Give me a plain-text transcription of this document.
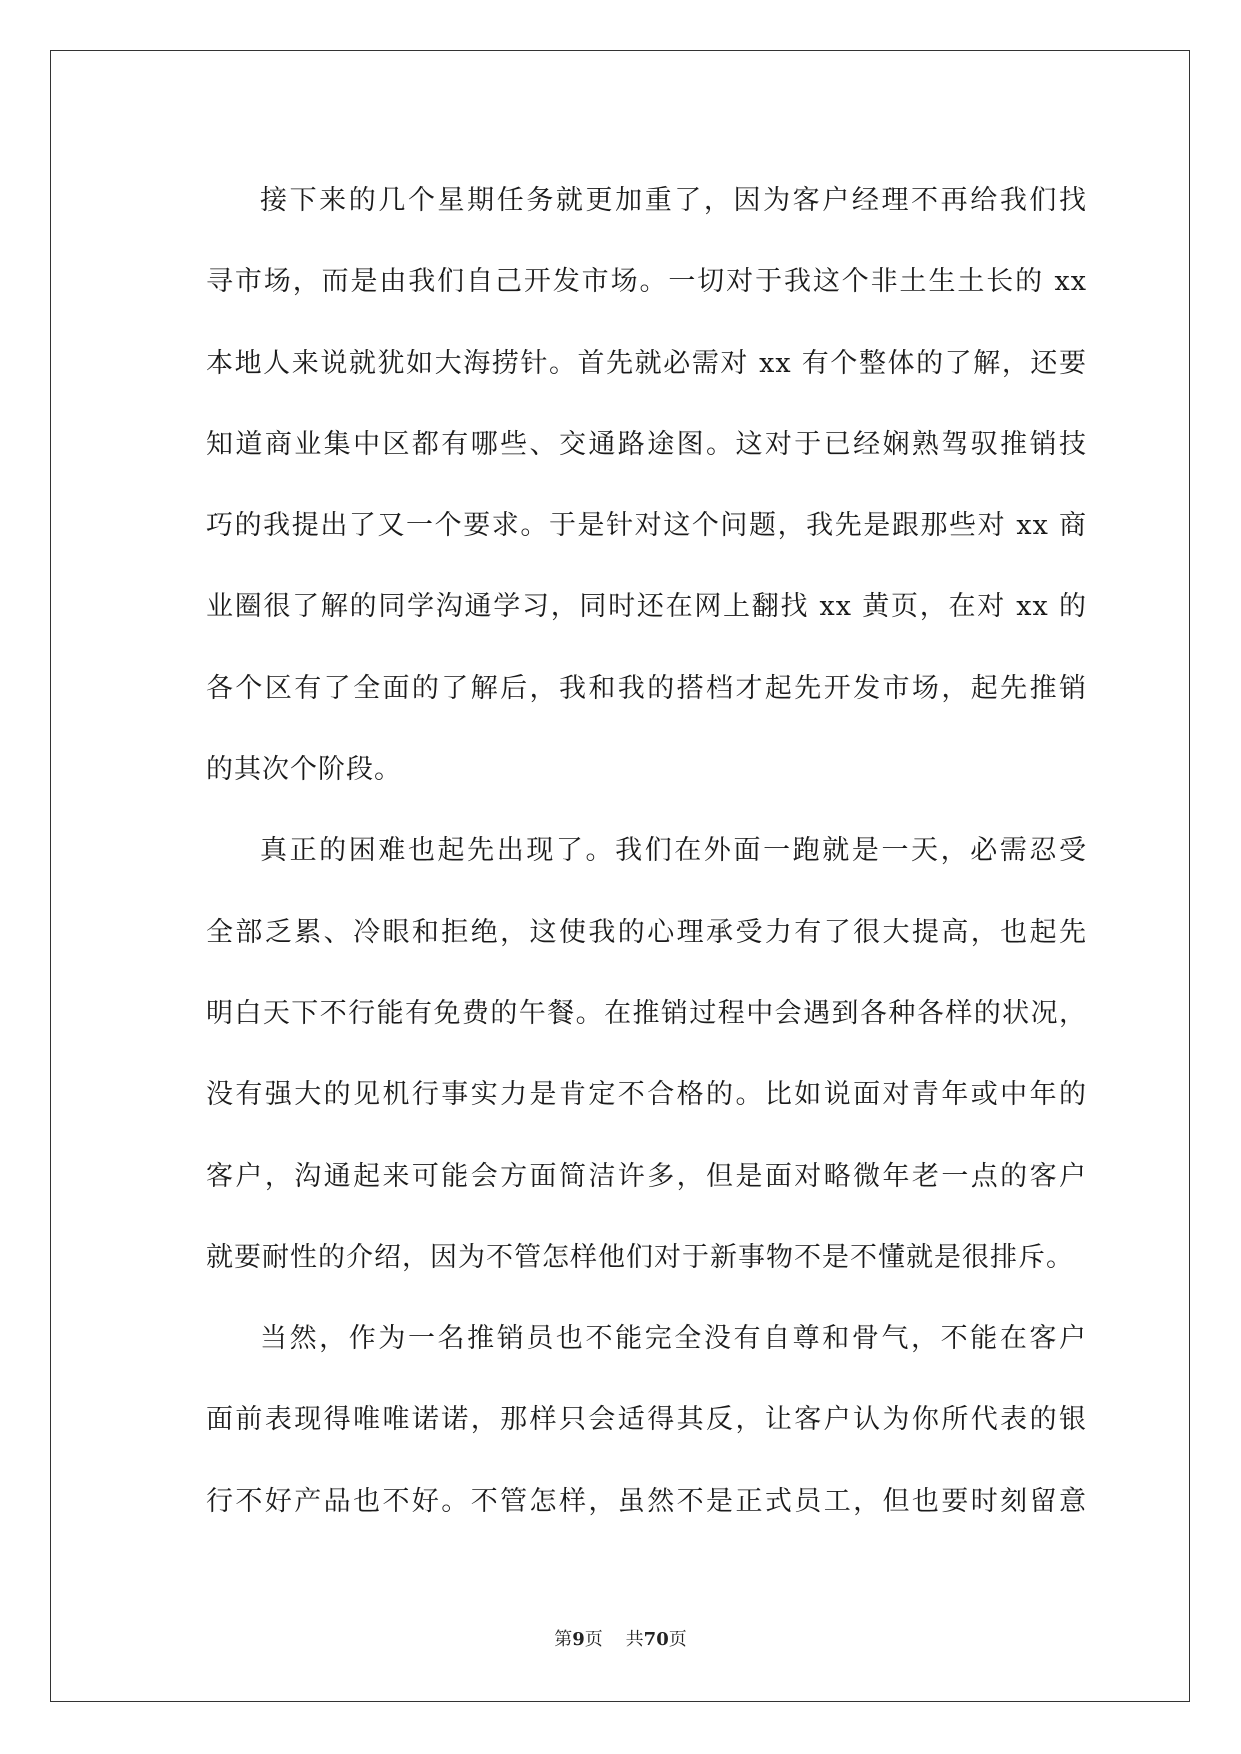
接下来的几个星期任务就更加重了，因为客户经理不再给我们找
寻市场，而是由我们自己开发市场。一切对于我这个非土生土长的 xx
本地人来说就犹如大海捞针。首先就必需对 xx 有个整体的了解，还要
知道商业集中区都有哪些、交通路途图。这对于已经娴熟驾驭推销技
巧的我提出了又一个要求。于是针对这个问题，我先是跟那些对 xx 商
业圈很了解的同学沟通学习，同时还在网上翻找 xx 黄页，在对 xx 的
各个区有了全面的了解后，我和我的搭档才起先开发市场，起先推销
的其次个阶段。
真正的困难也起先出现了。我们在外面一跑就是一天，必需忍受
全部乏累、冷眼和拒绝，这使我的心理承受力有了很大提高，也起先
明白天下不行能有免费的午餐。在推销过程中会遇到各种各样的状况，
没有强大的见机行事实力是肯定不合格的。比如说面对青年或中年的
客户，沟通起来可能会方面简洁许多，但是面对略微年老一点的客户
就要耐性的介绍，因为不管怎样他们对于新事物不是不懂就是很排斥。
当然，作为一名推销员也不能完全没有自尊和骨气，不能在客户
面前表现得唯唯诺诺，那样只会适得其反，让客户认为你所代表的银
行不好产品也不好。不管怎样，虽然不是正式员工，但也要时刻留意
第9页 共70页
